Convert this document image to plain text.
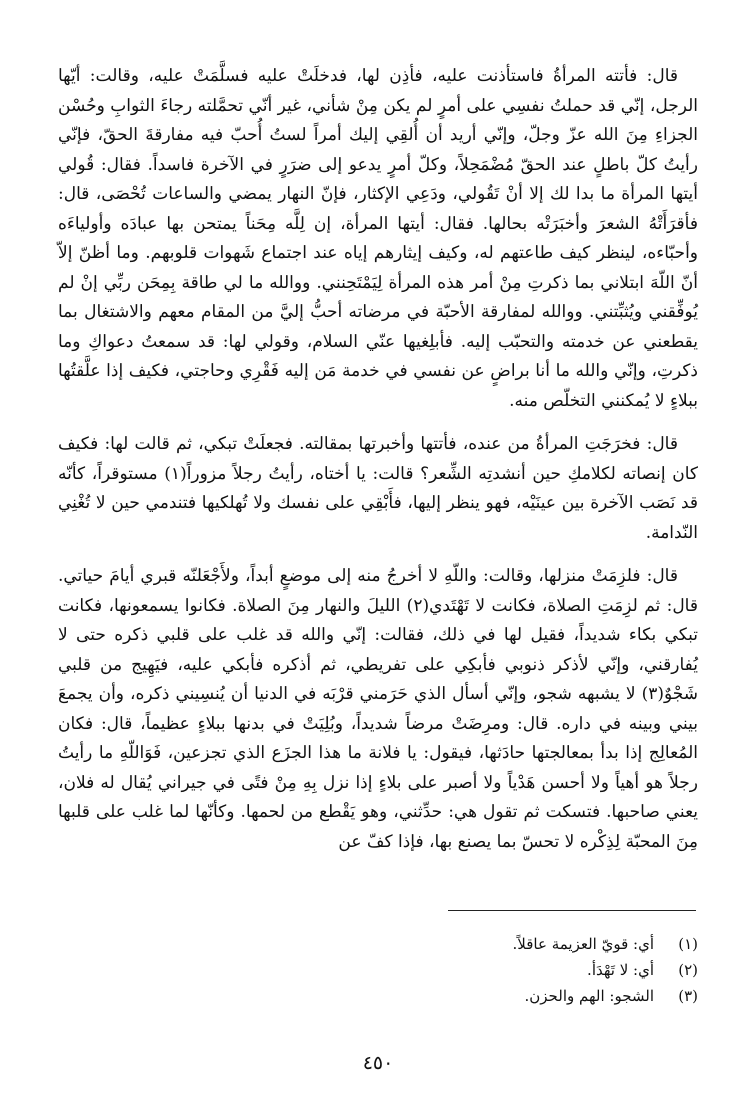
قال: فأتته المرأةُ فاستأذنت عليه، فأذِن لها، فدخلَتْ عليه فسلَّمَتْ عليه، وقالت: أيّها الرجل، إنّي قد حملتُ نفسِي على أمرٍ لم يكن مِنْ شأني، غير أنّي تحمَّلته رجاءَ الثوابِ وحُسْن الجزاءِ مِنَ الله عزّ وجلّ، وإنّي أريد أن أُلقِي إليك أمراً لستُ أُحبّ فيه مفارقةَ الحقّ، فإنّي رأيتُ كلّ باطلٍ عند الحقّ مُضْمَحِلاً، وكلّ أمرٍ يدعو إلى ضرَرٍ في الآخرة فاسداً. فقال: قُولي أيتها المرأة ما بدا لك إلا أنْ تَقُولي، ودَعِي الإكثار، فإنّ النهار يمضي والساعات تُحْصَى، قال: فأقرَأَتْهُ الشعرَ وأخبَرَتْه بحالها. فقال: أيتها المرأة، إن لِلَّه مِحَناً يمتحن بها عبادَه وأولياءَه وأحبّاءه، لينظر كيف طاعتهم له، وكيف إيثارهم إياه عند اجتماع شَهوات قلوبهم. وما أظنّ إلاّ أنّ اللّهَ ابتلاني بما ذكرتِ مِنْ أمر هذه المرأة لِيَمْتَحِنني. ووالله ما لي طاقة بِمِحَن ربِّي إنْ لم يُوفِّقني ويُثبِّتني. ووالله لمفارقة الأحبّة في مرضاته أحبُّ إليَّ من المقام معهم والاشتغال بما يقطعني عن خدمته والتحبّب إليه. فأبلِغيها عنّي السلام، وقولي لها: قد سمعتُ دعواكِ وما ذكرتِ، وإنّي والله ما أنا براضٍ عن نفسي في خدمة مَن إليه فَقْرِي وحاجتي، فكيف إذا علَّقتُها ببلاءٍ لا يُمكنني التخلّص منه.

قال: فخرَجَتِ المرأةُ من عنده، فأتتها وأخبرتها بمقالته. فجعلَتْ تبكي، ثم قالت لها: فكيف كان إنصاته لكلامكِ حين أنشدتِه الشِّعر؟ قالت: يا أختاه، رأيتُ رجلاً مزوراً(١) مستوقراً، كأنّه قد نَصَب الآخرة بين عينَيْه، فهو ينظر إليها، فأَبْقِي على نفسك ولا تُهلكيها فتندمي حين لا تُغْنِي النّدامة.

قال: فلزِمَتْ منزلها، وقالت: واللّهِ لا أخرجُ منه إلى موضعٍ أبداً، ولأَجْعَلنّه قبري أيامَ حياتي. قال: ثم لزِمَتِ الصلاة، فكانت لا تَهْتَدي(٢) الليلَ والنهار مِنَ الصلاة. فكانوا يسمعونها، فكانت تبكي بكاء شديداً، فقيل لها في ذلك، فقالت: إنّي والله قد غلب على قلبي ذكره حتى لا يُفارقني، وإنّي لأذكر ذنوبي فأبكِي على تفريطي، ثم أذكره فأبكي عليه، فيَهِيج من قلبي شَجْوٌ(٣) لا يشبهه شجو، وإنّي أسأل الذي حَرَمني قرْبَه في الدنيا أن يُنسِيني ذكره، وأن يجمعَ بيني وبينه في داره. قال: ومرِضَتْ مرضاً شديداً، وبُلِيَتْ في بدنها ببلاءٍ عظيماً، قال: فكان المُعالِج إذا بدأ بمعالجتها حادَثها، فيقول: يا فلانة ما هذا الجزَع الذي تجزعين، فَوَاللّهِ ما رأيتُ رجلاً هو أهياً ولا أحسن هَدْياً ولا أصبر على بلاءٍ إذا نزل بِهِ مِنْ فتًى في جيراني يُقال له فلان، يعني صاحبها. فتسكت ثم تقول هي: حدِّثني، وهو يَقْطع من لحمها. وكأنّها لما غلب على قلبها مِنَ المحبّة لِذِكْره لا تحسّ بما يصنع بها، فإذا كفّ عن

(١)
أي: قويّ العزيمة عاقلاً.
(٢)
أي: لا تَهْدَأ.
(٣)
الشجو: الهم والحزن.
٤٥٠
